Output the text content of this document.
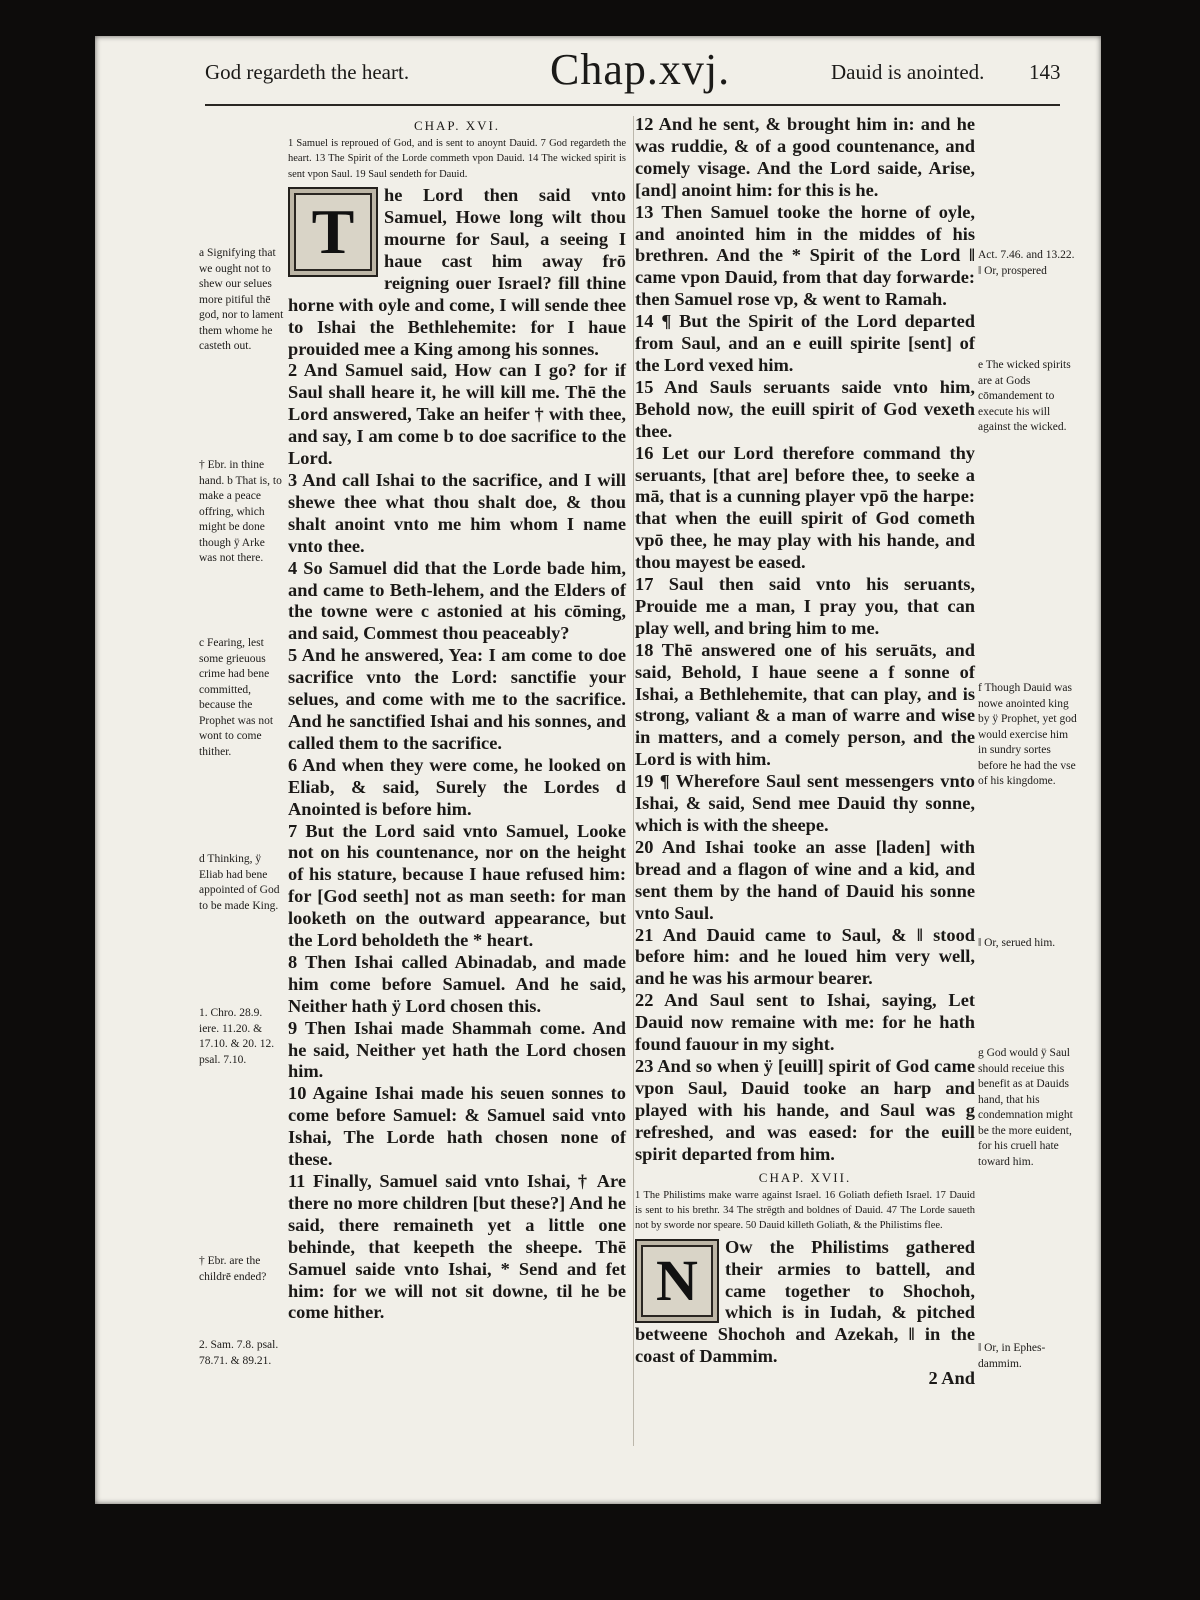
God regardeth the heart.	Chap.xvj.	Dauid is anointed. 143
a Signifying that we ought not to shew our selues more pitiful thē god, nor to lament them whome he casteth out.
† Ebr. in thine hand. b That is, to make a peace offring, which might be done though ÿ Arke was not there.
c Fearing, lest some grieuous crime had bene committed, because the Prophet was not wont to come thither.
d Thinking, ÿ Eliab had bene appointed of God to be made King.
1. Chro. 28.9. iere. 11.20. & 17.10. & 20. 12. psal. 7.10.
† Ebr. are the childrē ended?
2. Sam. 7.8. psal. 78.71. & 89.21.
CHAP. XVI.
1 Samuel is reproued of God, and is sent to anoynt Dauid. 7 God regardeth the heart. 13 The Spirit of the Lorde commeth vpon Dauid. 14 The wicked spirit is sent vpon Saul. 19 Saul sendeth for Dauid.
T

he Lord then said vnto Samuel, Howe long wilt thou mourne for Saul, a seeing I haue cast him away frō reigning ouer Israel? fill thine horne with oyle and come, I will sende thee to Ishai the Bethlehemite: for I haue prouided mee a King among his sonnes.

2 And Samuel said, How can I go? for if Saul shall heare it, he will kill me. Thē the Lord answered, Take an heifer † with thee, and say, I am come b to doe sacrifice to the Lord.

3 And call Ishai to the sacrifice, and I will shewe thee what thou shalt doe, & thou shalt anoint vnto me him whom I name vnto thee.

4 So Samuel did that the Lorde bade him, and came to Beth-lehem, and the Elders of the towne were c astonied at his cōming, and said, Commest thou peaceably?

5 And he answered, Yea: I am come to doe sacrifice vnto the Lord: sanctifie your selues, and come with me to the sacrifice. And he sanctified Ishai and his sonnes, and called them to the sacrifice.

6 And when they were come, he looked on Eliab, & said, Surely the Lordes d Anointed is before him.

7 But the Lord said vnto Samuel, Looke not on his countenance, nor on the height of his stature, because I haue refused him: for [God seeth] not as man seeth: for man looketh on the outward appearance, but the Lord beholdeth the * heart.

8 Then Ishai called Abinadab, and made him come before Samuel. And he said, Neither hath ÿ Lord chosen this.

9 Then Ishai made Shammah come. And he said, Neither yet hath the Lord chosen him.

10 Againe Ishai made his seuen sonnes to come before Samuel: & Samuel said vnto Ishai, The Lorde hath chosen none of these.

11 Finally, Samuel said vnto Ishai, † Are there no more children [but these?] And he said, there remaineth yet a little one behinde, that keepeth the sheepe. Thē Samuel saide vnto Ishai, * Send and fet him: for we will not sit downe, til he be come hither.

12 And he sent, & brought him in: and he was ruddie, & of a good countenance, and comely visage. And the Lord saide, Arise, [and] anoint him: for this is he.

13 Then Samuel tooke the horne of oyle, and anointed him in the middes of his brethren. And the * Spirit of the Lord ‖ came vpon Dauid, from that day forwarde: then Samuel rose vp, & went to Ramah.

14 ¶ But the Spirit of the Lord departed from Saul, and an e euill spirite [sent] of the Lord vexed him.

15 And Sauls seruants saide vnto him, Behold now, the euill spirit of God vexeth thee.

16 Let our Lord therefore command thy seruants, [that are] before thee, to seeke a mā, that is a cunning player vpō the harpe: that when the euill spirit of God cometh vpō thee, he may play with his hande, and thou mayest be eased.

17 Saul then said vnto his seruants, Prouide me a man, I pray you, that can play well, and bring him to me.

18 Thē answered one of his seruāts, and said, Behold, I haue seene a f sonne of Ishai, a Bethlehemite, that can play, and is strong, valiant & a man of warre and wise in matters, and a comely person, and the Lord is with him.

19 ¶ Wherefore Saul sent messengers vnto Ishai, & said, Send mee Dauid thy sonne, which is with the sheepe.

20 And Ishai tooke an asse [laden] with bread and a flagon of wine and a kid, and sent them by the hand of Dauid his sonne vnto Saul.

21 And Dauid came to Saul, & ‖ stood before him: and he loued him very well, and he was his armour bearer.

22 And Saul sent to Ishai, saying, Let Dauid now remaine with me: for he hath found fauour in my sight.

23 And so when ÿ [euill] spirit of God came vpon Saul, Dauid tooke an harp and played with his hande, and Saul was g refreshed, and was eased: for the euill spirit departed from him.

CHAP. XVII.
1 The Philistims make warre against Israel. 16 Goliath defieth Israel. 17 Dauid is sent to his brethr. 34 The strēgth and boldnes of Dauid. 47 The Lorde saueth not by sworde nor speare. 50 Dauid killeth Goliath, & the Philistims flee.
N

Ow the Philistims gathered their armies to battell, and came together to Shochoh, which is in Iudah, & pitched betweene Shochoh and Azekah, ‖ in the coast of Dammim.

2 And

Act. 7.46. and 13.22. ‖ Or, prospered
e The wicked spirits are at Gods cōmandement to execute his will against the wicked.
f Though Dauid was nowe anointed king by ÿ Prophet, yet god would exercise him in sundry sortes before he had the vse of his kingdome.
‖ Or, serued him.
g God would ÿ Saul should receiue this benefit as at Dauids hand, that his condemnation might be the more euident, for his cruell hate toward him.
‖ Or, in Ephes-dammim.
